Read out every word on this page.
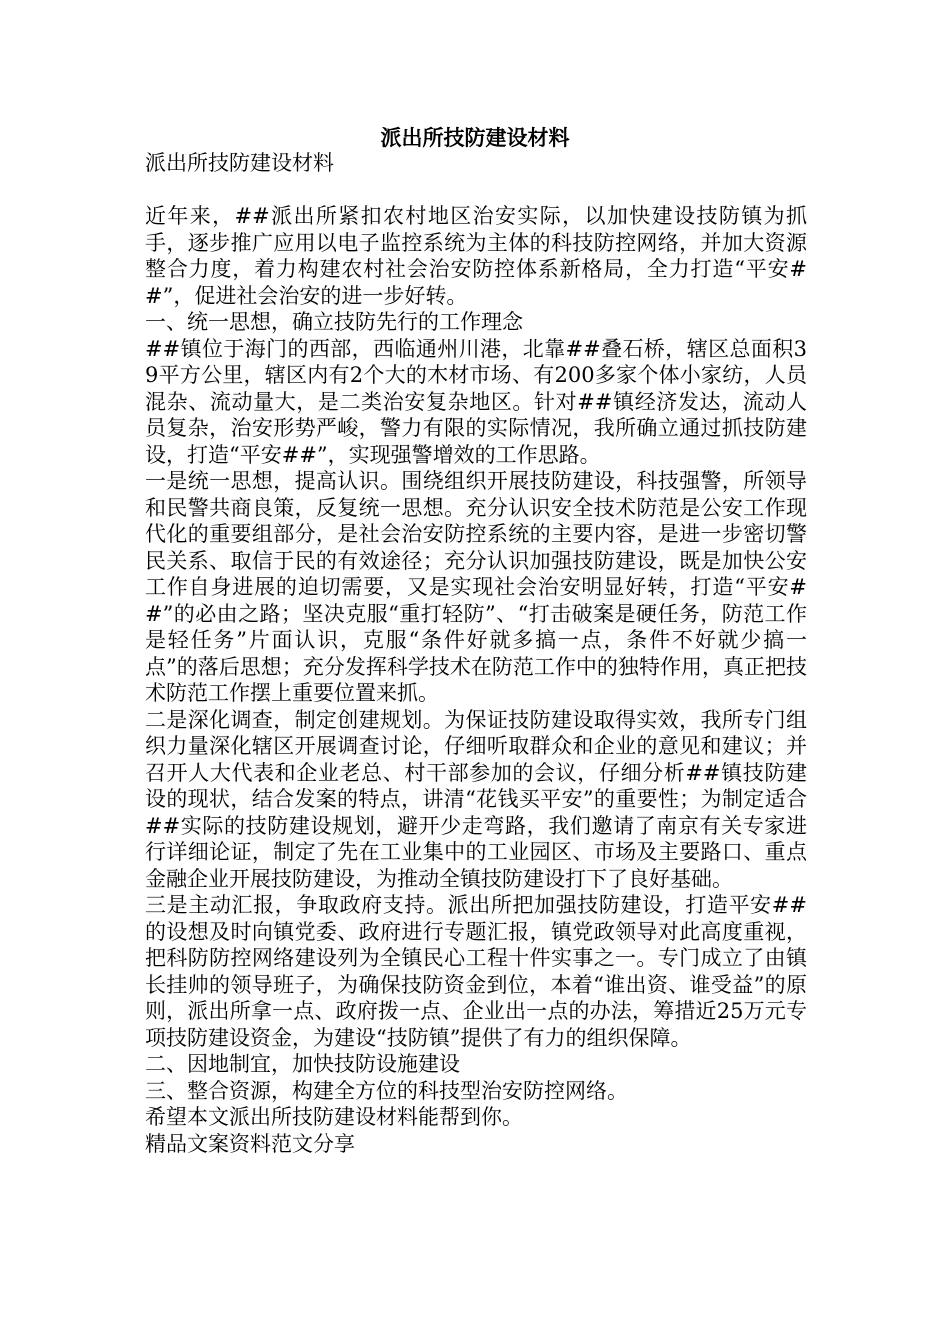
派出所技防建设材料

派出所技防建设材料

近年来，##派出所紧扣农村地区治安实际，以加快建设技防镇为抓手，逐步推广应用以电子监控系统为主体的科技防控网络，并加大资源整合力度，着力构建农村社会治安防控体系新格局，全力打造“平安##”，促进社会治安的进一步好转。

一、统一思想，确立技防先行的工作理念

##镇位于海门的西部，西临通州川港，北靠##叠石桥，辖区总面积39平方公里，辖区内有2个大的木材市场、有200多家个体小家纺，人员混杂、流动量大，是二类治安复杂地区。针对##镇经济发达，流动人员复杂，治安形势严峻，警力有限的实际情况，我所确立通过抓技防建设，打造“平安##”，实现强警增效的工作思路。

一是统一思想，提高认识。围绕组织开展技防建设，科技强警，所领导和民警共商良策，反复统一思想。充分认识安全技术防范是公安工作现代化的重要组部分，是社会治安防控系统的主要内容，是进一步密切警民关系、取信于民的有效途径；充分认识加强技防建设，既是加快公安工作自身进展的迫切需要，又是实现社会治安明显好转，打造“平安##”的必由之路；坚决克服“重打轻防”、“打击破案是硬任务，防范工作是轻任务”片面认识，克服“条件好就多搞一点，条件不好就少搞一点”的落后思想；充分发挥科学技术在防范工作中的独特作用，真正把技术防范工作摆上重要位置来抓。

二是深化调查，制定创建规划。为保证技防建设取得实效，我所专门组织力量深化辖区开展调查讨论，仔细听取群众和企业的意见和建议；并召开人大代表和企业老总、村干部参加的会议，仔细分析##镇技防建设的现状，结合发案的特点，讲清“花钱买平安”的重要性；为制定适合##实际的技防建设规划，避开少走弯路，我们邀请了南京有关专家进行详细论证，制定了先在工业集中的工业园区、市场及主要路口、重点金融企业开展技防建设，为推动全镇技防建设打下了良好基础。

三是主动汇报，争取政府支持。派出所把加强技防建设，打造平安##的设想及时向镇党委、政府进行专题汇报，镇党政领导对此高度重视，把科防防控网络建设列为全镇民心工程十件实事之一。专门成立了由镇长挂帅的领导班子，为确保技防资金到位，本着“谁出资、谁受益”的原则，派出所拿一点、政府拨一点、企业出一点的办法，筹措近25万元专项技防建设资金，为建设“技防镇”提供了有力的组织保障。

二、因地制宜，加快技防设施建设

三、整合资源，构建全方位的科技型治安防控网络。

希望本文派出所技防建设材料能帮到你。

精品文案资料范文分享
